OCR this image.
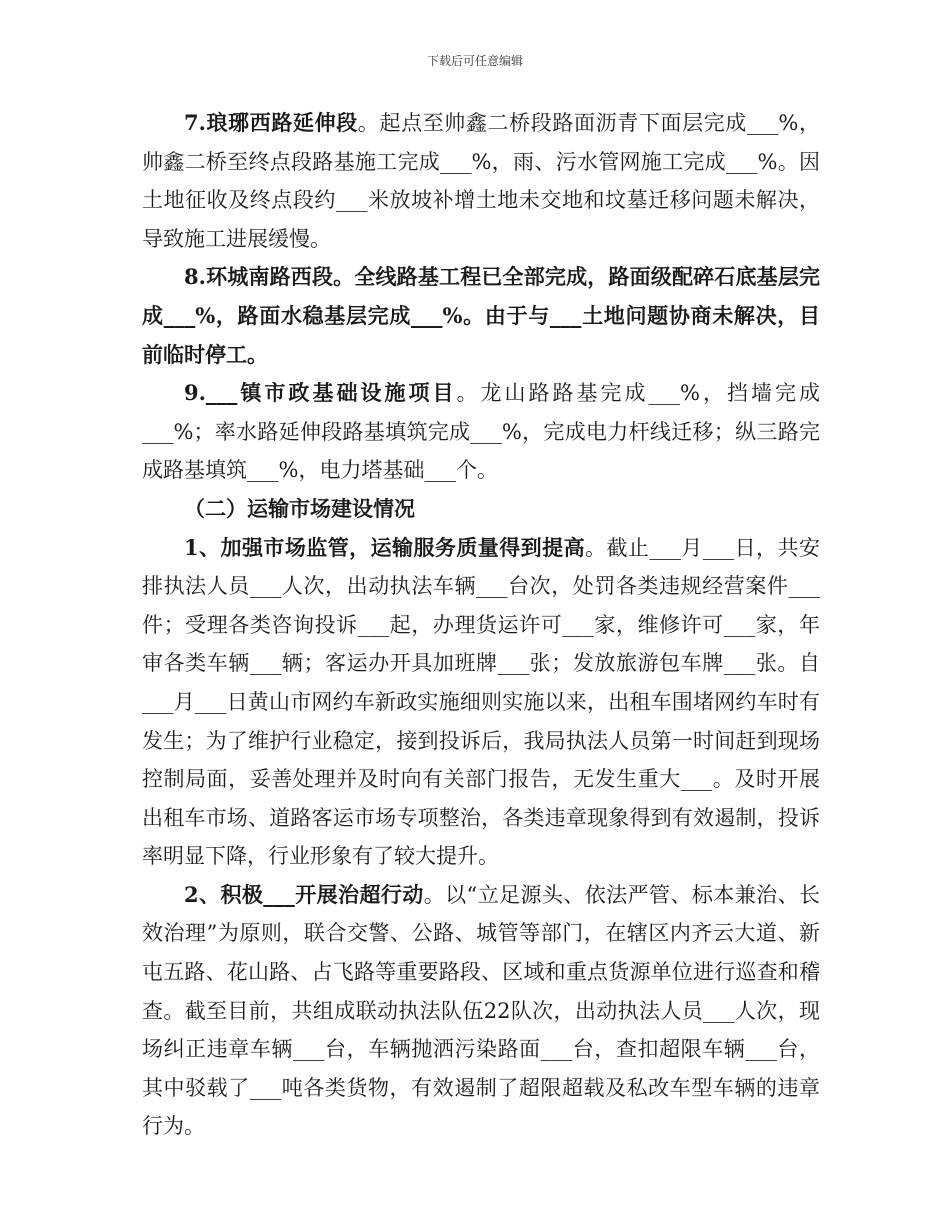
下载后可任意编辑

7.琅琊西路延伸段。起点至帅鑫二桥段路面沥青下面层完成___%，帅鑫二桥至终点段路基施工完成___%，雨、污水管网施工完成___%。因土地征收及终点段约___米放坡补增土地未交地和坟墓迁移问题未解决，导致施工进展缓慢。

8.环城南路西段。全线路基工程已全部完成，路面级配碎石底基层完成___%，路面水稳基层完成___%。由于与___土地问题协商未解决，目前临时停工。

9.___镇市政基础设施项目。龙山路路基完成___%，挡墙完成___%；率水路延伸段路基填筑完成___%，完成电力杆线迁移；纵三路完成路基填筑___%，电力塔基础___个。

（二）运输市场建设情况

1、加强市场监管，运输服务质量得到提高。截止___月___日，共安排执法人员___人次，出动执法车辆___台次，处罚各类违规经营案件___件；受理各类咨询投诉___起，办理货运许可___家，维修许可___家，年审各类车辆___辆；客运办开具加班牌___张；发放旅游包车牌___张。自___月___日黄山市网约车新政实施细则实施以来，出租车围堵网约车时有发生；为了维护行业稳定，接到投诉后，我局执法人员第一时间赶到现场控制局面，妥善处理并及时向有关部门报告，无发生重大___。及时开展出租车市场、道路客运市场专项整治，各类违章现象得到有效遏制，投诉率明显下降，行业形象有了较大提升。

2、积极___开展治超行动。以“立足源头、依法严管、标本兼治、长效治理”为原则，联合交警、公路、城管等部门，在辖区内齐云大道、新屯五路、花山路、占飞路等重要路段、区域和重点货源单位进行巡查和稽查。截至目前，共组成联动执法队伍22队次，出动执法人员___人次，现场纠正违章车辆___台，车辆抛洒污染路面___台，查扣超限车辆___台，其中驳载了___吨各类货物，有效遏制了超限超载及私改车型车辆的违章行为。
